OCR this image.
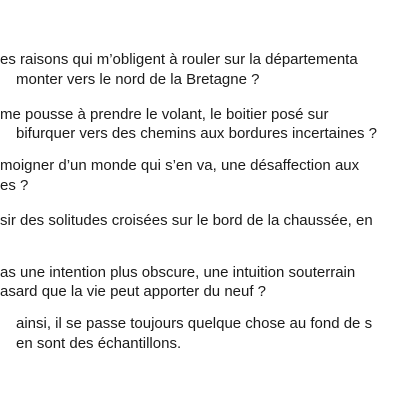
es raisons qui m’obligent à rouler sur la départementa

monter vers le nord de la Bretagne ?

me pousse à prendre le volant, le boitier posé sur

bifurquer vers des chemins aux bordures incertaines ?

moigner d’un monde qui s’en va, une désaffection aux

es ?

sir des solitudes croisées sur le bord de la chaussée, en

as une intention plus obscure, une intuition souterrain

asard que la vie peut apporter du neuf ?

ainsi, il se passe toujours quelque chose au fond de s

en sont des échantillons.
